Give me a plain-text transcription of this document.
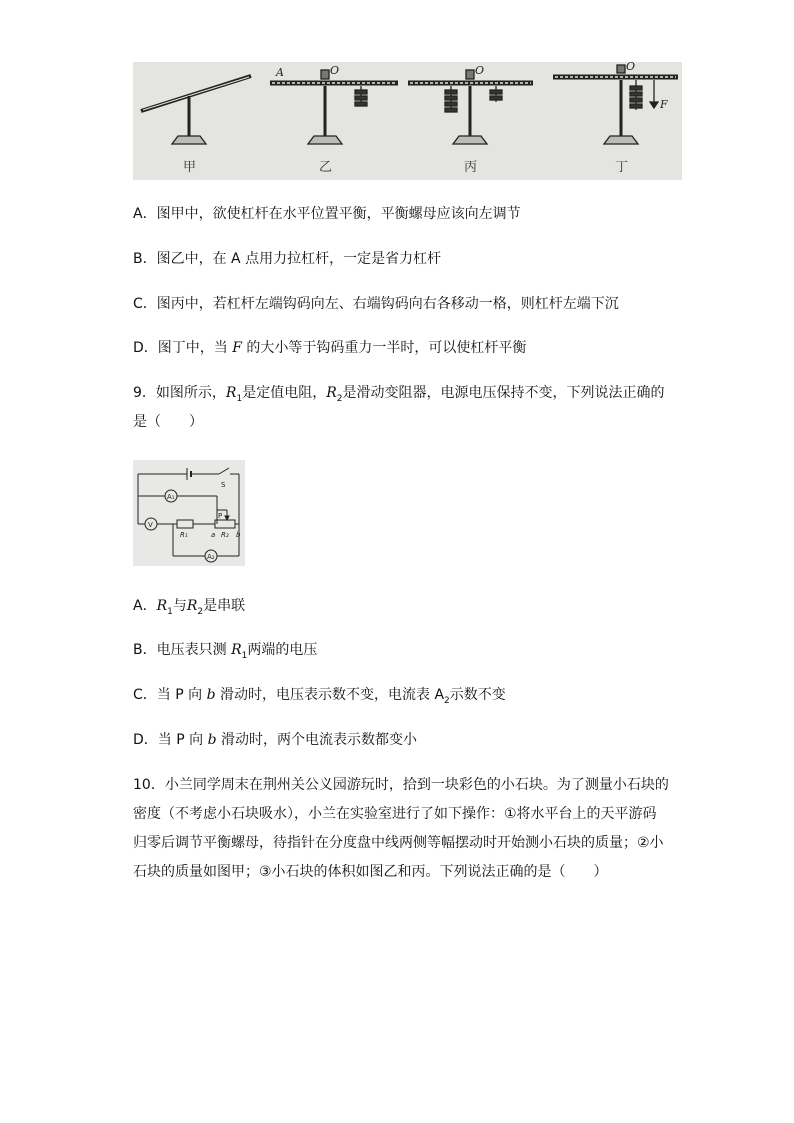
A	O	O	O
F
甲	乙	丙	丁
A．图甲中，欲使杠杆在水平位置平衡，平衡螺母应该向左调节
B．图乙中，在 A 点用力拉杠杆，一定是省力杠杆
C．图丙中，若杠杆左端钩码向左、右端钩码向右各移动一格，则杠杆左端下沉
D．图丁中，当 F 的大小等于钩码重力一半时，可以使杠杆平衡
9．如图所示，$R_1$是定值电阻，$R_2$是滑动变阻器，电源电压保持不变，下列说法正确的
是（　　）
S
A₁
V
P
R₁	a R₂ b
A₂
A．$R_1$与$R_2$是串联
B．电压表只测 $R_1$两端的电压
C．当 P 向 b 滑动时，电压表示数不变，电流表 $A_2$示数不变
D．当 P 向 b 滑动时，两个电流表示数都变小
10．小兰同学周末在荆州关公义园游玩时，拾到一块彩色的小石块。为了测量小石块的
密度（不考虑小石块吸水），小兰在实验室进行了如下操作：①将水平台上的天平游码
归零后调节平衡螺母，待指针在分度盘中线两侧等幅摆动时开始测小石块的质量；②小
石块的质量如图甲；③小石块的体积如图乙和丙。下列说法正确的是（　　）
